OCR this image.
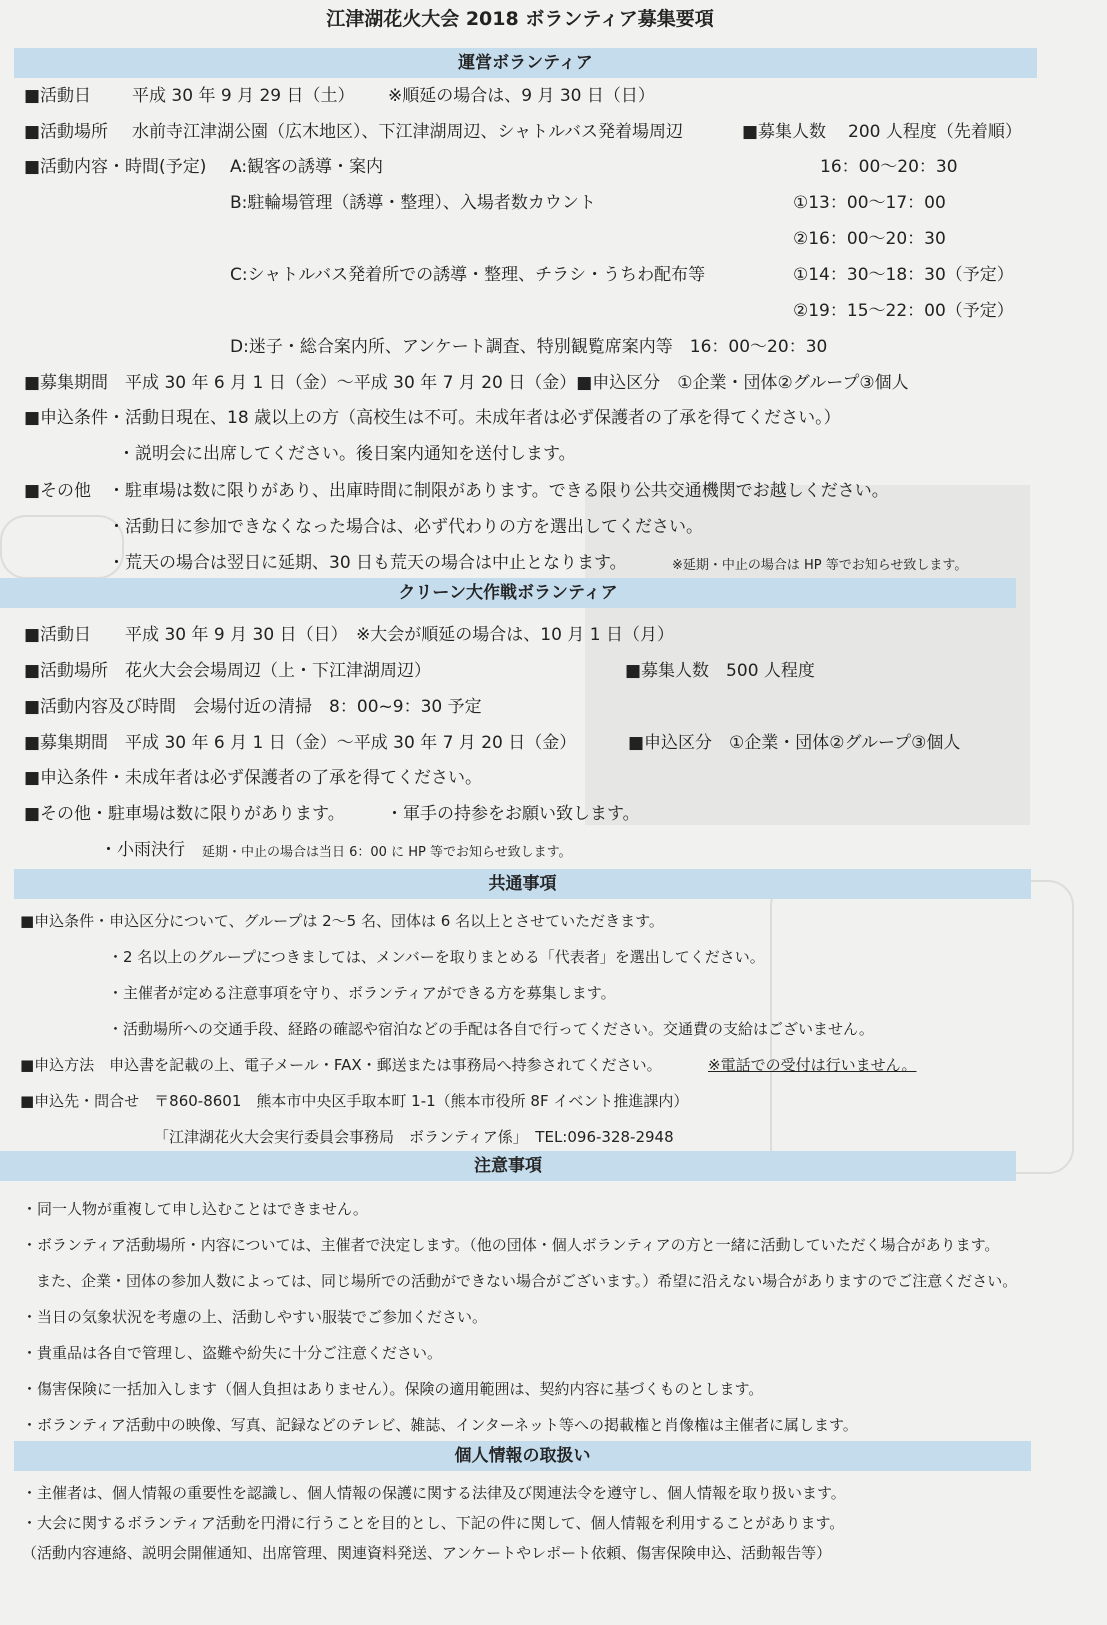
江津湖花火大会 2018 ボランティア募集要項
運営ボランティア
■活動日 平成 30 年 9 月 29 日（土） ※順延の場合は、9 月 30 日（日）
■活動場所 水前寺江津湖公園（広木地区）、下江津湖周辺、シャトルバス発着場周辺	■募集人数 200 人程度（先着順）
■活動内容・時間(予定) A:観客の誘導・案内	16：00～20：30
B:駐輪場管理（誘導・整理）、入場者数カウント	①13：00～17：00
②16：00～20：30
C:シャトルバス発着所での誘導・整理、チラシ・うちわ配布等	①14：30～18：30（予定）
②19：15～22：00（予定）
D:迷子・総合案内所、アンケート調査、特別観覧席案内等　16：00～20：30
■募集期間　平成 30 年 6 月 1 日（金）～平成 30 年 7 月 20 日（金）■申込区分　①企業・団体②グループ③個人
■申込条件・活動日現在、18 歳以上の方（高校生は不可。未成年者は必ず保護者の了承を得てください。）
・説明会に出席してください。後日案内通知を送付します。
■その他　・駐車場は数に限りがあり、出庫時間に制限があります。できる限り公共交通機関でお越しください。
・活動日に参加できなくなった場合は、必ず代わりの方を選出してください。
・荒天の場合は翌日に延期、30 日も荒天の場合は中止となります。	※延期・中止の場合は HP 等でお知らせ致します。
クリーン大作戦ボランティア
■活動日　　平成 30 年 9 月 30 日（日）　※大会が順延の場合は、10 月 1 日（月）
■活動場所　花火大会会場周辺（上・下江津湖周辺）	■募集人数　500 人程度
■活動内容及び時間　会場付近の清掃　8：00~9：30 予定
■募集期間　平成 30 年 6 月 1 日（金）～平成 30 年 7 月 20 日（金）	■申込区分　①企業・団体②グループ③個人
■申込条件・未成年者は必ず保護者の了承を得てください。
■その他・駐車場は数に限りがあります。 ・軍手の持参をお願い致します。
・小雨決行 延期・中止の場合は当日 6：00 に HP 等でお知らせ致します。
共通事項
■申込条件・申込区分について、グループは 2～5 名、団体は 6 名以上とさせていただきます。
・2 名以上のグループにつきましては、メンバーを取りまとめる「代表者」を選出してください。
・主催者が定める注意事項を守り、ボランティアができる方を募集します。
・活動場所への交通手段、経路の確認や宿泊などの手配は各自で行ってください。交通費の支給はございません。
■申込方法　申込書を記載の上、電子メール・FAX・郵送または事務局へ持参されてください。	※電話での受付は行いません。
■申込先・問合せ　〒860-8601　熊本市中央区手取本町 1-1（熊本市役所 8F イベント推進課内）
「江津湖花火大会実行委員会事務局　ボランティア係」　TEL:096-328-2948
注意事項
・同一人物が重複して申し込むことはできません。
・ボランティア活動場所・内容については、主催者で決定します。（他の団体・個人ボランティアの方と一緒に活動していただく場合があります。
また、企業・団体の参加人数によっては、同じ場所での活動ができない場合がございます。）希望に沿えない場合がありますのでご注意ください。
・当日の気象状況を考慮の上、活動しやすい服装でご参加ください。
・貴重品は各自で管理し、盗難や紛失に十分ご注意ください。
・傷害保険に一括加入します（個人負担はありません）。保険の適用範囲は、契約内容に基づくものとします。
・ボランティア活動中の映像、写真、記録などのテレビ、雑誌、インターネット等への掲載権と肖像権は主催者に属します。
個人情報の取扱い
・主催者は、個人情報の重要性を認識し、個人情報の保護に関する法律及び関連法令を遵守し、個人情報を取り扱います。
・大会に関するボランティア活動を円滑に行うことを目的とし、下記の件に関して、個人情報を利用することがあります。
（活動内容連絡、説明会開催通知、出席管理、関連資料発送、アンケートやレポート依頼、傷害保険申込、活動報告等）
